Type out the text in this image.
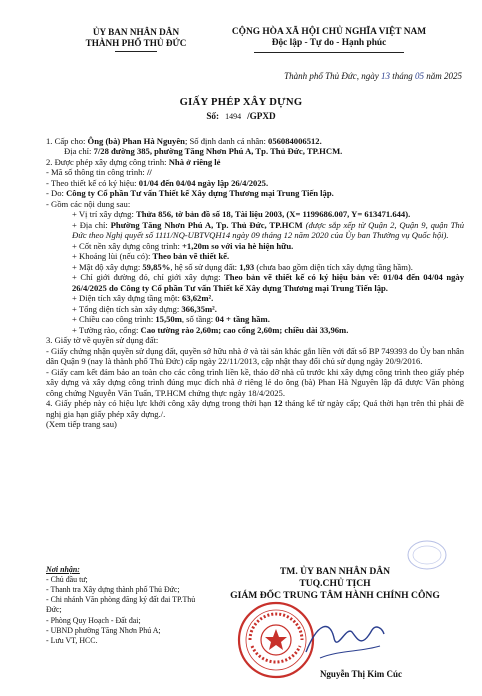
ỦY BAN NHÂN DÂN
THÀNH PHỐ THỦ ĐỨC
CỘNG HÒA XÃ HỘI CHỦ NGHĨA VIỆT NAM
Độc lập - Tự do - Hạnh phúc
Thành phố Thủ Đức, ngày 13 tháng 05 năm 2025
GIẤY PHÉP XÂY DỰNG
Số: 1494 /GPXD

1. Cấp cho: Ông (bà) Phan Hà Nguyên; Số định danh cá nhân: 056084006512.

Địa chỉ: 7/28 đường 385, phường Tăng Nhơn Phú A, Tp. Thủ Đức, TP.HCM.

2. Được phép xây dựng công trình: Nhà ở riêng lẻ

- Mã số thông tin công trình: //

- Theo thiết kế có ký hiệu: 01/04 đến 04/04 ngày lập 26/4/2025.

- Do: Công ty Cổ phần Tư vấn Thiết kế Xây dựng Thương mại Trung Tiến lập.

- Gồm các nội dung sau:

+ Vị trí xây dựng: Thửa 856, tờ bản đồ số 18, Tài liệu 2003, (X= 1199686.007, Y= 613471.644).

+ Địa chỉ: Phường Tăng Nhơn Phú A, Tp. Thủ Đức, TP.HCM (được sắp xếp từ Quận 2, Quận 9, quận Thủ Đức theo Nghị quyết số 1111/NQ-UBTVQH14 ngày 09 tháng 12 năm 2020 của Ủy ban Thường vụ Quốc hội).

+ Cốt nền xây dựng công trình: +1,20m so với via hè hiện hữu.

+ Khoảng lùi (nếu có): Theo bản vẽ thiết kế.

+ Mật độ xây dựng: 59,85%, hệ số sử dụng đất: 1,93 (chưa bao gồm diện tích xây dựng tầng hầm).

+ Chỉ giới đường đỏ, chỉ giới xây dựng: Theo bản vẽ thiết kế có ký hiệu bản vẽ: 01/04 đến 04/04 ngày 26/4/2025 do Công ty Cổ phần Tư vấn Thiết kế Xây dựng Thương mại Trung Tiến lập.

+ Diện tích xây dựng tầng một: 63,62m².

+ Tổng diện tích sàn xây dựng: 366,35m².

+ Chiều cao công trình: 15,50m, số tầng: 04 + tầng hầm.

+ Tường rào, cổng: Cao tường rào 2,60m; cao cổng 2,60m; chiều dài 33,96m.

3. Giấy tờ về quyền sử dụng đất:

- Giấy chứng nhận quyền sử dụng đất, quyền sở hữu nhà ở và tài sản khác gắn liền với đất số BP 749393 do Ủy ban nhân dân Quận 9 (nay là thành phố Thủ Đức) cấp ngày 22/11/2013, cập nhật thay đổi chủ sử dụng ngày 20/9/2016.

- Giấy cam kết đảm bảo an toàn cho các công trình liền kề, tháo dỡ nhà cũ trước khi xây dựng công trình theo giấy phép xây dựng và xây dựng công trình đúng mục đích nhà ở riêng lẻ do ông (bà) Phan Hà Nguyên lập đã được Văn phòng công chứng Nguyễn Văn Tuấn, TP.HCM chứng thực ngày 18/4/2025.

4. Giấy phép này có hiệu lực khởi công xây dựng trong thời hạn 12 tháng kể từ ngày cấp; Quá thời hạn trên thì phải đề nghị gia hạn giấy phép xây dựng./.

(Xem tiếp trang sau)

Nơi nhận:
- Chủ đầu tư;
- Thanh tra Xây dựng thành phố Thủ Đức;
- Chi nhánh Văn phòng đăng ký đất đai TP.Thủ Đức;
- Phòng Quy Hoạch - Đất đai;
- UBND phường Tăng Nhơn Phú A;
- Lưu VT, HCC.
TM. ỦY BAN NHÂN DÂN
TUQ.CHỦ TỊCH
GIÁM ĐỐC TRUNG TÂM HÀNH CHÍNH CÔNG
Nguyễn Thị Kim Cúc
